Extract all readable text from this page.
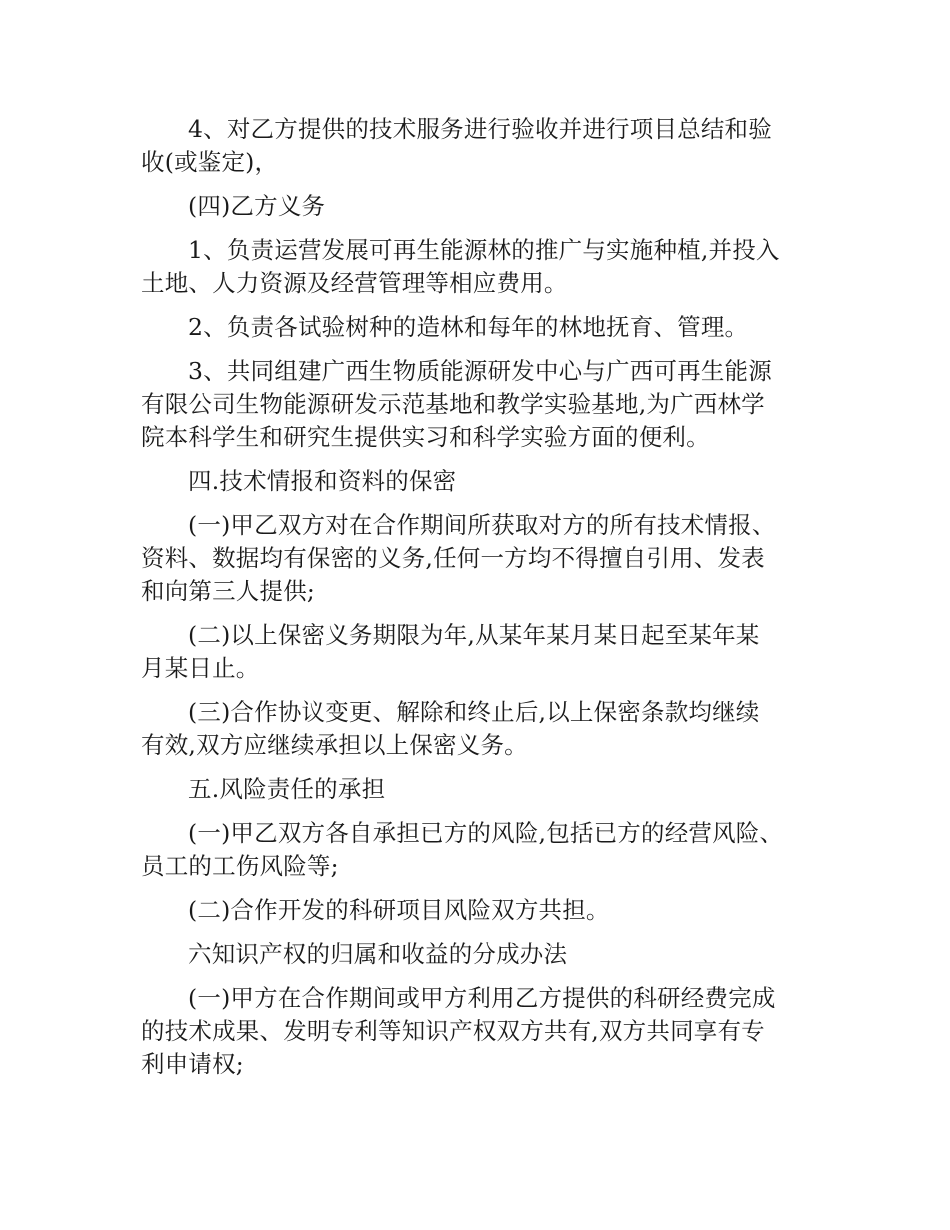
4、对乙方提供的技术服务进行验收并进行项目总结和验
收(或鉴定)，

(四)乙方义务

1、负责运营发展可再生能源林的推广与实施种植,并投入
土地、人力资源及经营管理等相应费用。

2、负责各试验树种的造林和每年的林地抚育、管理。

3、共同组建广西生物质能源研发中心与广西可再生能源
有限公司生物能源研发示范基地和教学实验基地,为广西林学
院本科学生和研究生提供实习和科学实验方面的便利。

四.技术情报和资料的保密

(一)甲乙双方对在合作期间所获取对方的所有技术情报、
资料、数据均有保密的义务,任何一方均不得擅自引用、发表
和向第三人提供;

(二)以上保密义务期限为年,从某年某月某日起至某年某
月某日止。

(三)合作协议变更、解除和终止后,以上保密条款均继续
有效,双方应继续承担以上保密义务。

五.风险责任的承担

(一)甲乙双方各自承担已方的风险,包括已方的经营风险、
员工的工伤风险等;

(二)合作开发的科研项目风险双方共担。

六知识产权的归属和收益的分成办法

(一)甲方在合作期间或甲方利用乙方提供的科研经费完成
的技术成果、发明专利等知识产权双方共有,双方共同享有专
利申请权;
